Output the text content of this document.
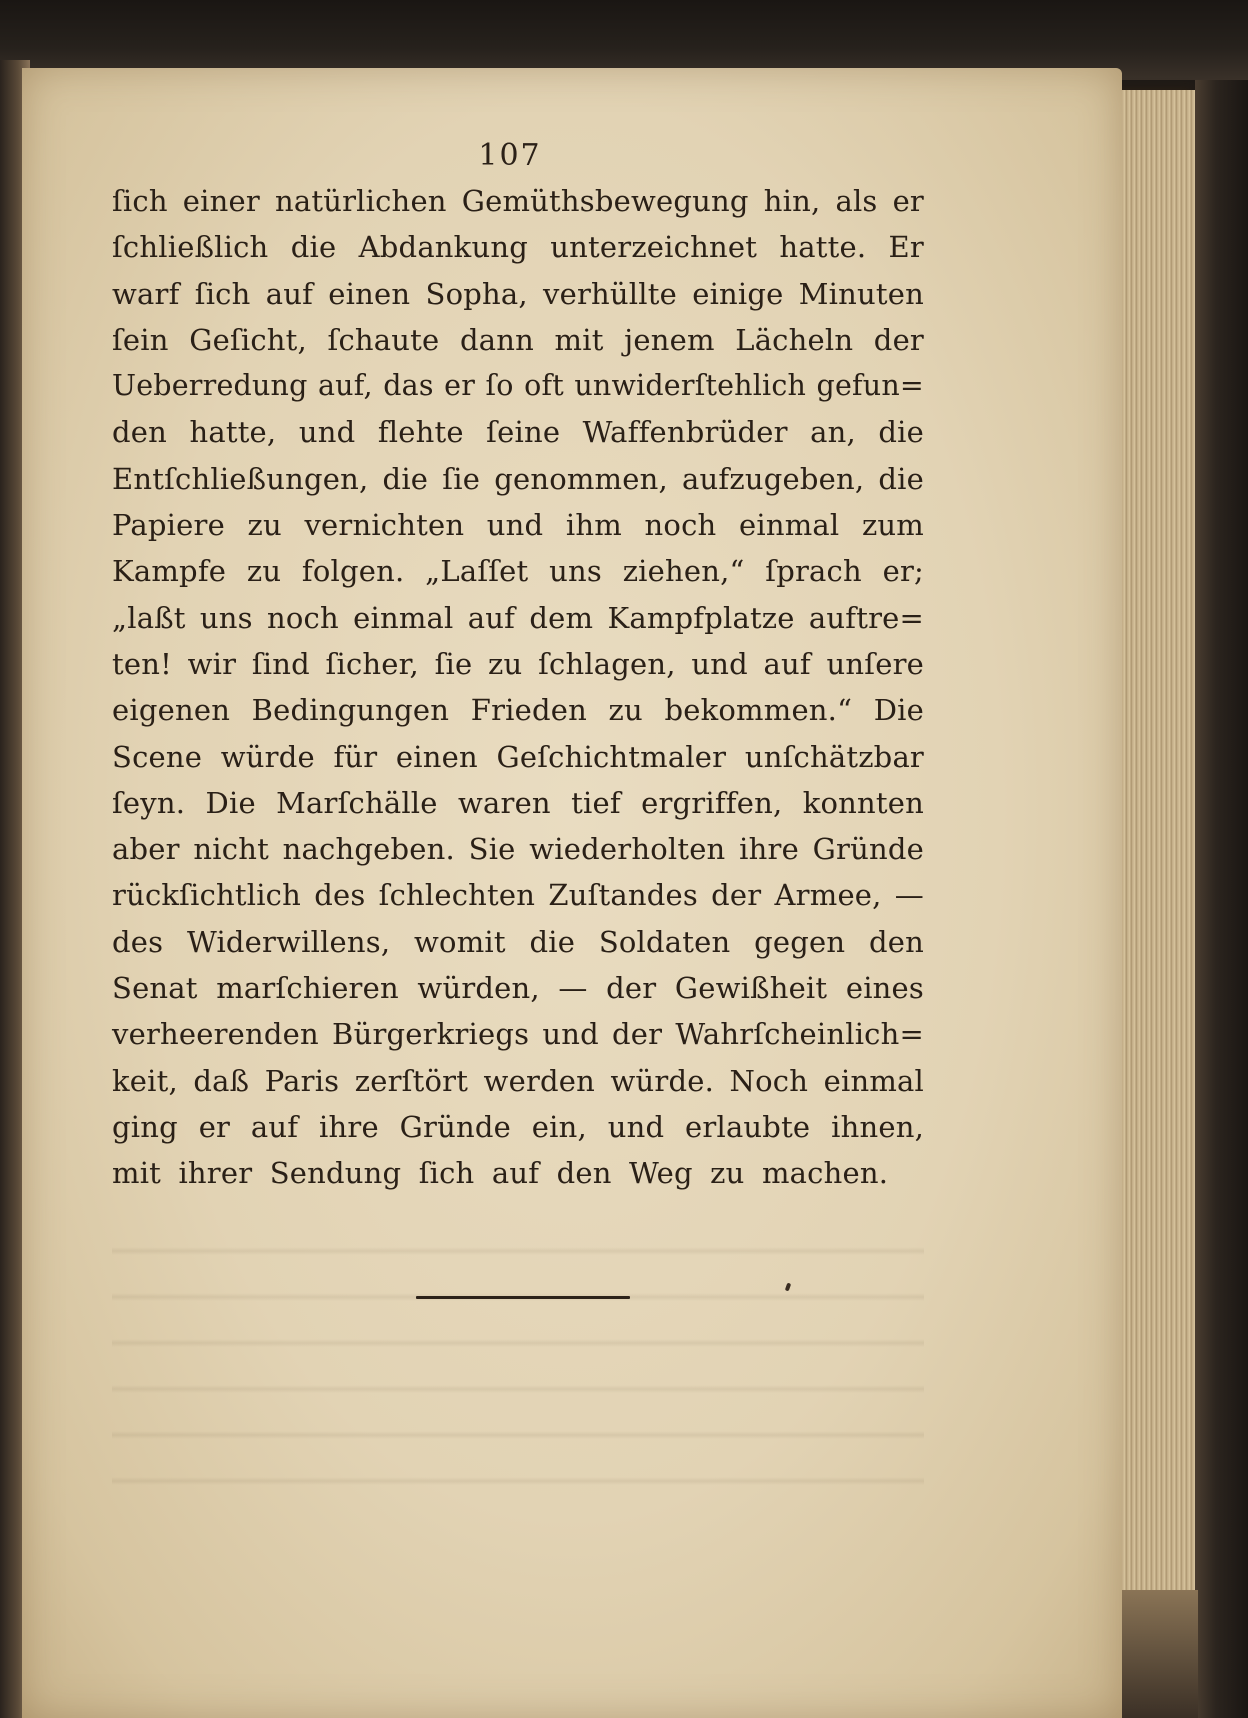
107
ſich einer natürlichen Gemüthsbewegung hin, als er
ſchließlich die Abdankung unterzeichnet hatte. Er
warf ſich auf einen Sopha, verhüllte einige Minuten
ſein Geſicht, ſchaute dann mit jenem Lächeln der
Ueberredung auf, das er ſo oft unwiderſtehlich gefun=
den hatte, und flehte ſeine Waffenbrüder an, die
Entſchließungen, die ſie genommen, aufzugeben, die
Papiere zu vernichten und ihm noch einmal zum
Kampfe zu folgen. „Laſſet uns ziehen,“ ſprach er;
„laßt uns noch einmal auf dem Kampfplatze auftre=
ten! wir ſind ſicher, ſie zu ſchlagen, und auf unſere
eigenen Bedingungen Frieden zu bekommen.“ Die
Scene würde für einen Geſchichtmaler unſchätzbar
ſeyn. Die Marſchälle waren tief ergriffen, konnten
aber nicht nachgeben. Sie wiederholten ihre Gründe
rückſichtlich des ſchlechten Zuſtandes der Armee, —
des Widerwillens, womit die Soldaten gegen den
Senat marſchieren würden, — der Gewißheit eines
verheerenden Bürgerkriegs und der Wahrſcheinlich=
keit, daß Paris zerſtört werden würde. Noch einmal
ging er auf ihre Gründe ein, und erlaubte ihnen,
mit ihrer Sendung ſich auf den Weg zu machen.
